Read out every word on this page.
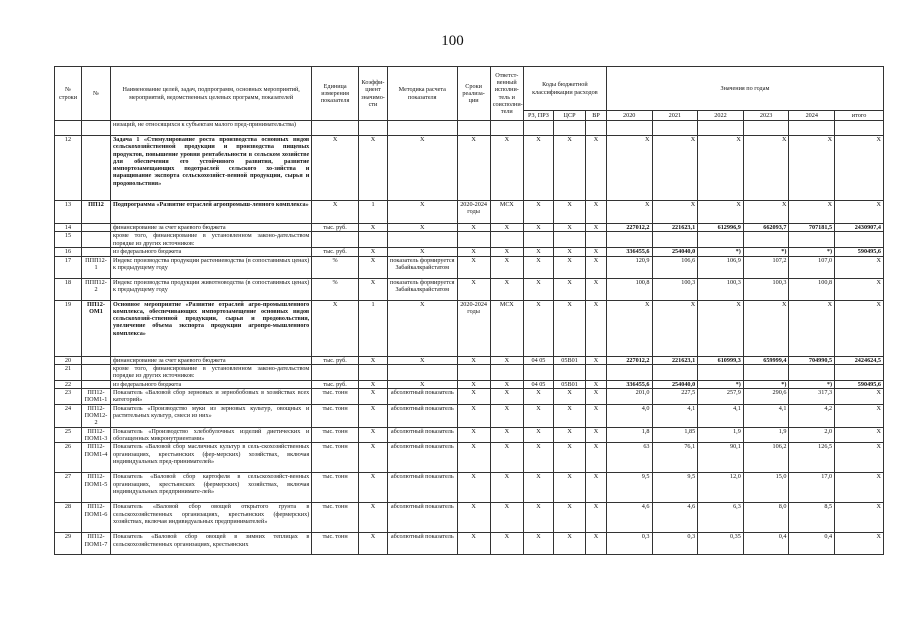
100
№ строки	№	Наименование целей, задач, подпрограмм, основных мероприятий, мероприятий, ведомственных целевых программ, показателей	Единица измерения показателя	Коэффи-циент значимо-сти	Методика расчета показателя	Сроки реализа-ции	Ответст-венный исполни-тель и соисполни-тели	Коды бюджетной классификации расходов			Значения по годам					
								РЗ, ПРЗ	ЦСР	ВР	2020	2021	2022	2023	2024	итого
		низаций, не относящихся к субъектам малого пред-принимательства)														
12		Задача 1 «Стимулирование роста производства основных видов сельскохозяйственной продукции и производства пищевых продуктов, повышение уровня рентабельности в сельском хозяйстве для обеспечения его устойчивого развития, развитие импортозамещающих подотраслей сельского хо-зяйства и наращивание экспорта сельскохозяйст-венной продукции, сырья и продовольствия»	X	X	X	X	X	X	X	X	X	X	X	X	X	X
13	ПП12	Подпрограмма «Развитие отраслей агропромыш-ленного комплекса»	X	1	X	2020-2024 годы	МСХ	X	X	X	X	X	X	X	X	X
14		финансирование за счет краевого бюджета	тыс. руб.	X	X	X	X	X	X	X	227012,2	221623,1	612996,9	662093,7	707181,5	2430907,4
15		кроме того, финансирование в установленном законо-дательством порядке из других источников:														
16		из федерального бюджета	тыс. руб.	X	X	X	X	X	X	X	336455,6	254040,0	*)	*)	*)	590495,6
17	ППП12-1	Индекс производства продукции растениеводства (в сопоставимых ценах) к предыдущему году	%	X	показатель формируется Забайкалкрайстатом	X	X	X	X	X	120,9	106,6	106,9	107,2	107,0	X
18	ППП12-2	Индекс производства продукции животноводства (в сопоставимых ценах) к предыдущему году	%	X	показатель формируется Забайкалкрайстатом	X	X	X	X	X	100,8	100,3	100,3	100,3	100,8	X
19	ПП12-ОМ1	Основное мероприятие «Развитие отраслей агро-промышленного комплекса, обеспечивающих импортозамещение основных видов сельскохозяй-ственной продукции, сырья и продовольствия, увеличение объема экспорта продукции агропро-мышленного комплекса»	X	1	X	2020-2024 годы	МСХ	X	X	X	X	X	X	X	X	X
20		финансирование за счет краевого бюджета	тыс. руб.	X	X	X	X	04 05	05В01	X	227012,2	221623,1	610999,3	659999,4	704990,5	2424624,5
21		кроме того, финансирование в установленном законо-дательством порядке из других источников:														
22		из федерального бюджета	тыс. руб.	X	X	X	X	04 05	05В01	X	336455,6	254040,0	*)	*)	*)	590495,6
23	ПП12-ПОМ1-1	Показатель «Валовой сбор зерновых и зернобобовых в хозяйствах всех категорий»	тыс. тонн	X	абсолютный показатель	X	X	X	X	X	201,0	227,5	257,9	290,6	317,3	X
24	ПП12-ПОМ12-2	Показатель «Производство муки из зерновых культур, овощных и растительных культур, смеси из них»	тыс. тонн	X	абсолютный показатель	X	X	X	X	X	4,0	4,1	4,1	4,1	4,2	X
25	ПП12-ПОМ1-3	Показатель «Производство хлебобулочных изделий диетических и обогащенных микронутриентами»	тыс. тонн	X	абсолютный показатель	X	X	X	X	X	1,8	1,85	1,9	1,9	2,0	X
26	ПП12-ПОМ1-4	Показатель «Валовой сбор масличных культур в сель-скохозяйственных организациях, крестьянских (фер-мерских) хозяйствах, включая индивидуальных пред-принимателей»	тыс. тонн	X	абсолютный показатель	X	X	X	X	X	63	76,1	90,1	106,2	126,5	X
27	ПП12-ПОМ1-5	Показатель «Валовой сбор картофеля в сельскохозяйст-венных организациях, крестьянских (фермерских) хозяйствах, включая индивидуальных предпринимате-лей»	тыс. тонн	X	абсолютный показатель	X	X	X	X	X	9,5	9,5	12,0	15,0	17,0	X
28	ПП12-ПОМ1-6	Показатель «Валовой сбор овощей открытого грунта в сельскохозяйственных организациях, крестьянских (фермерских) хозяйствах, включая индивидуальных предпринимателей»	тыс. тонн	X	абсолютный показатель	X	X	X	X	X	4,6	4,6	6,3	8,0	8,5	X
29	ПП12-ПОМ1-7	Показатель «Валовой сбор овощей в зимних теплицах в сельскохозяйственных организациях, крестьянских	тыс. тонн	X	абсолютный показатель	X	X	X	X	X	0,3	0,3	0,35	0,4	0,4	X
